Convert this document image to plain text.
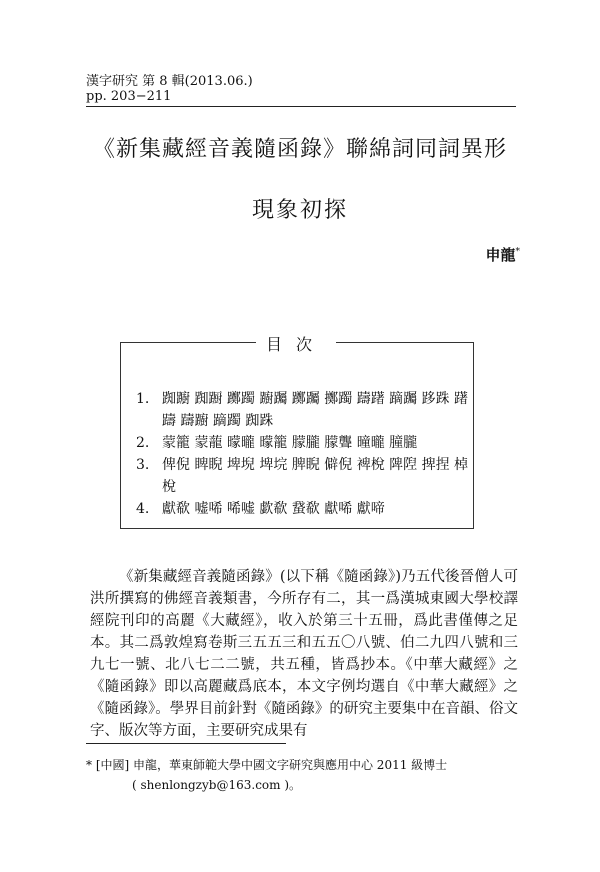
漢字研究 第 8 輯(2013.06.)
pp. 203−211
《新集藏經音義隨函錄》聯綿詞同詞異形
現象初探
申龍*
目次

1. 踟躕 踟蹰 躑躅 躕䠱 躑䠱 擲躅 躊躇 蹢䠱 跢跦 躇躊 躊躕 蹢躅 踟跦

2. 蒙籠 蒙蘢 曚曨 曚籠 朦朧 朦聾 曈曨 朣朧

3. 俾倪 睥睨 埤堄 埤垸 脾睨 僻倪 裨梲 陴隉 捭捏 棹梲

4. 獻欷 嘘唏 唏嘘 歔欷 䖸欷 獻唏 獻啼

《新集藏經音義隨函錄》(以下稱《隨函錄》)乃五代後晉僧人可洪所撰寫的佛經音義類書，今所存有二，其一爲漢城東國大學校譯經院刊印的高麗《大藏經》，收入於第三十五冊，爲此書僅傳之足本。其二爲敦煌寫卷斯三五五三和五五〇八號、伯二九四八號和三九七一號、北八七二二號，共五種，皆爲抄本。《中華大藏經》之《隨函錄》即以高麗藏爲底本，本文字例均選自《中華大藏經》之《隨函錄》。學界目前針對《隨函錄》的研究主要集中在音韻、俗文字、版次等方面，主要研究成果有

* [中國] 申龍，華東師範大學中國文字研究與應用中心 2011 級博士
( shenlongzyb@163.com )。
